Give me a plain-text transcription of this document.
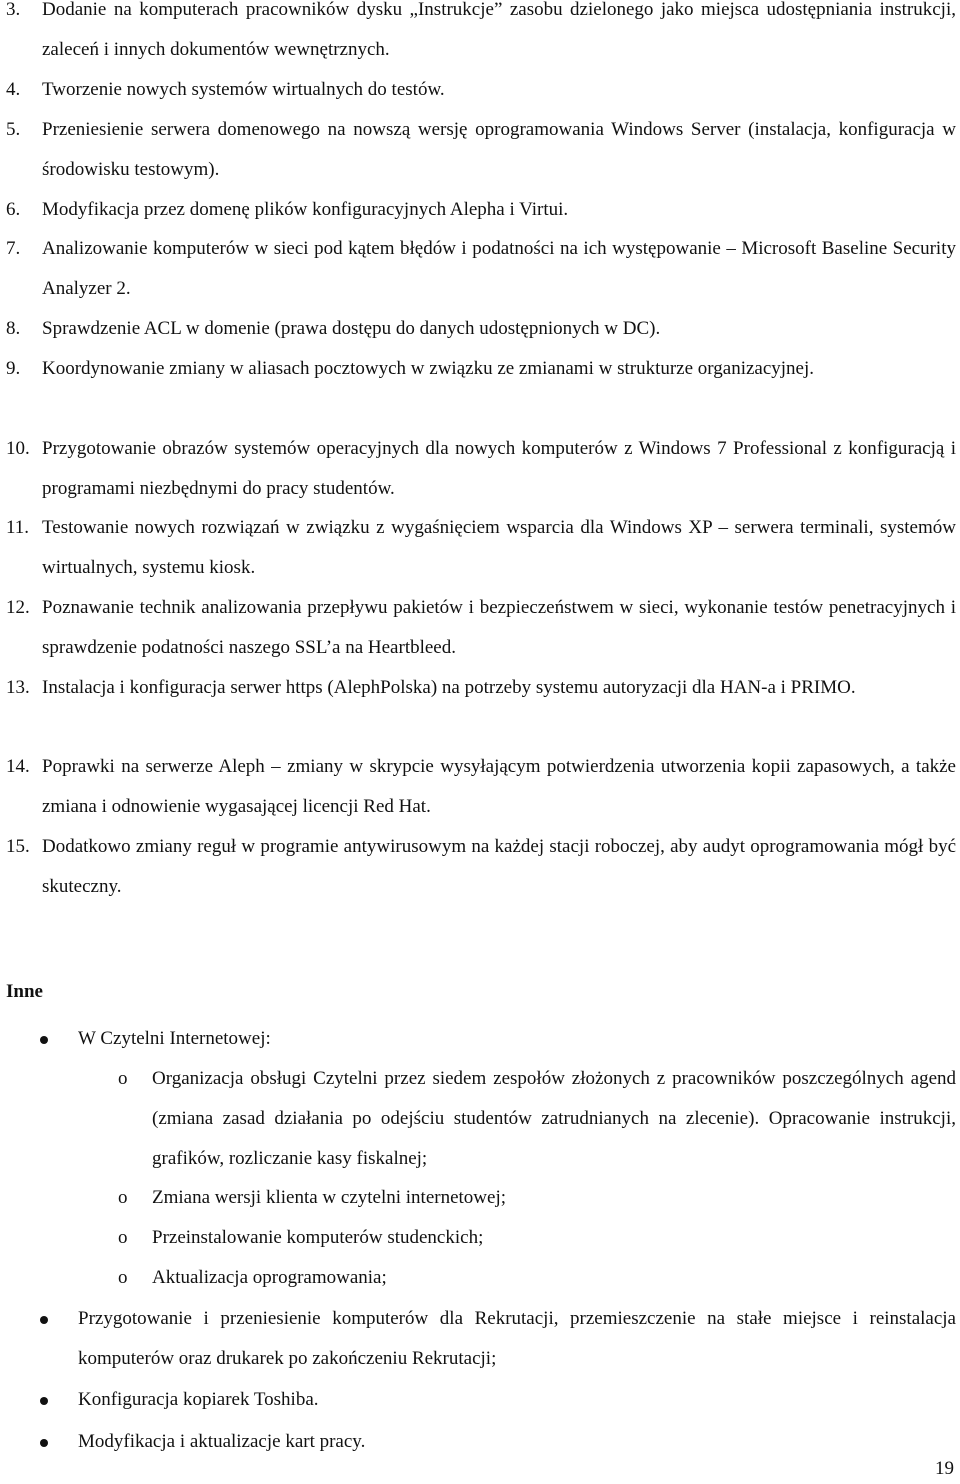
3. Dodanie na komputerach pracowników dysku „Instrukcje” zasobu dzielonego jako miejsca udostępniania instrukcji, zaleceń i innych dokumentów wewnętrznych.
4. Tworzenie nowych systemów wirtualnych do testów.
5. Przeniesienie serwera domenowego na nowszą wersję oprogramowania Windows Server (instalacja, konfiguracja w środowisku testowym).
6. Modyfikacja przez domenę plików konfiguracyjnych Alepha i Virtui.
7. Analizowanie komputerów w sieci pod kątem błędów i podatności na ich występowanie – Microsoft Baseline Security Analyzer 2.
8. Sprawdzenie ACL w domenie (prawa dostępu do danych udostępnionych w DC).
9. Koordynowanie zmiany w aliasach pocztowych w związku ze zmianami w strukturze organizacyjnej.
10. Przygotowanie obrazów systemów operacyjnych dla nowych komputerów z Windows 7 Professional z konfiguracją i programami niezbędnymi do pracy studentów.
11. Testowanie nowych rozwiązań w związku z wygaśnięciem wsparcia dla Windows XP – serwera terminali, systemów wirtualnych, systemu kiosk.
12. Poznawanie technik analizowania przepływu pakietów i bezpieczeństwem w sieci, wykonanie testów penetracyjnych i sprawdzenie podatności naszego SSL’a na Heartbleed.
13. Instalacja i konfiguracja serwer https (AlephPolska) na potrzeby systemu autoryzacji dla HAN-a i PRIMO.
14. Poprawki na serwerze Aleph – zmiany w skrypcie wysyłającym potwierdzenia utworzenia kopii zapasowych, a także zmiana i odnowienie wygasającej licencji Red Hat.
15. Dodatkowo zmiany reguł w programie antywirusowym na każdej stacji roboczej, aby audyt oprogramowania mógł być skuteczny.
Inne
W Czytelni Internetowej:
o Organizacja obsługi Czytelni przez siedem zespołów złożonych z pracowników poszczególnych agend (zmiana zasad działania po odejściu studentów zatrudnianych na zlecenie). Opracowanie instrukcji, grafików, rozliczanie kasy fiskalnej;
o Zmiana wersji klienta w czytelni internetowej;
o Przeinstalowanie komputerów studenckich;
o Aktualizacja oprogramowania;
Przygotowanie i przeniesienie komputerów dla Rekrutacji, przemieszczenie na stałe miejsce i reinstalacja komputerów oraz drukarek po zakończeniu Rekrutacji;
Konfiguracja kopiarek Toshiba.
Modyfikacja i aktualizacje kart pracy.
19
